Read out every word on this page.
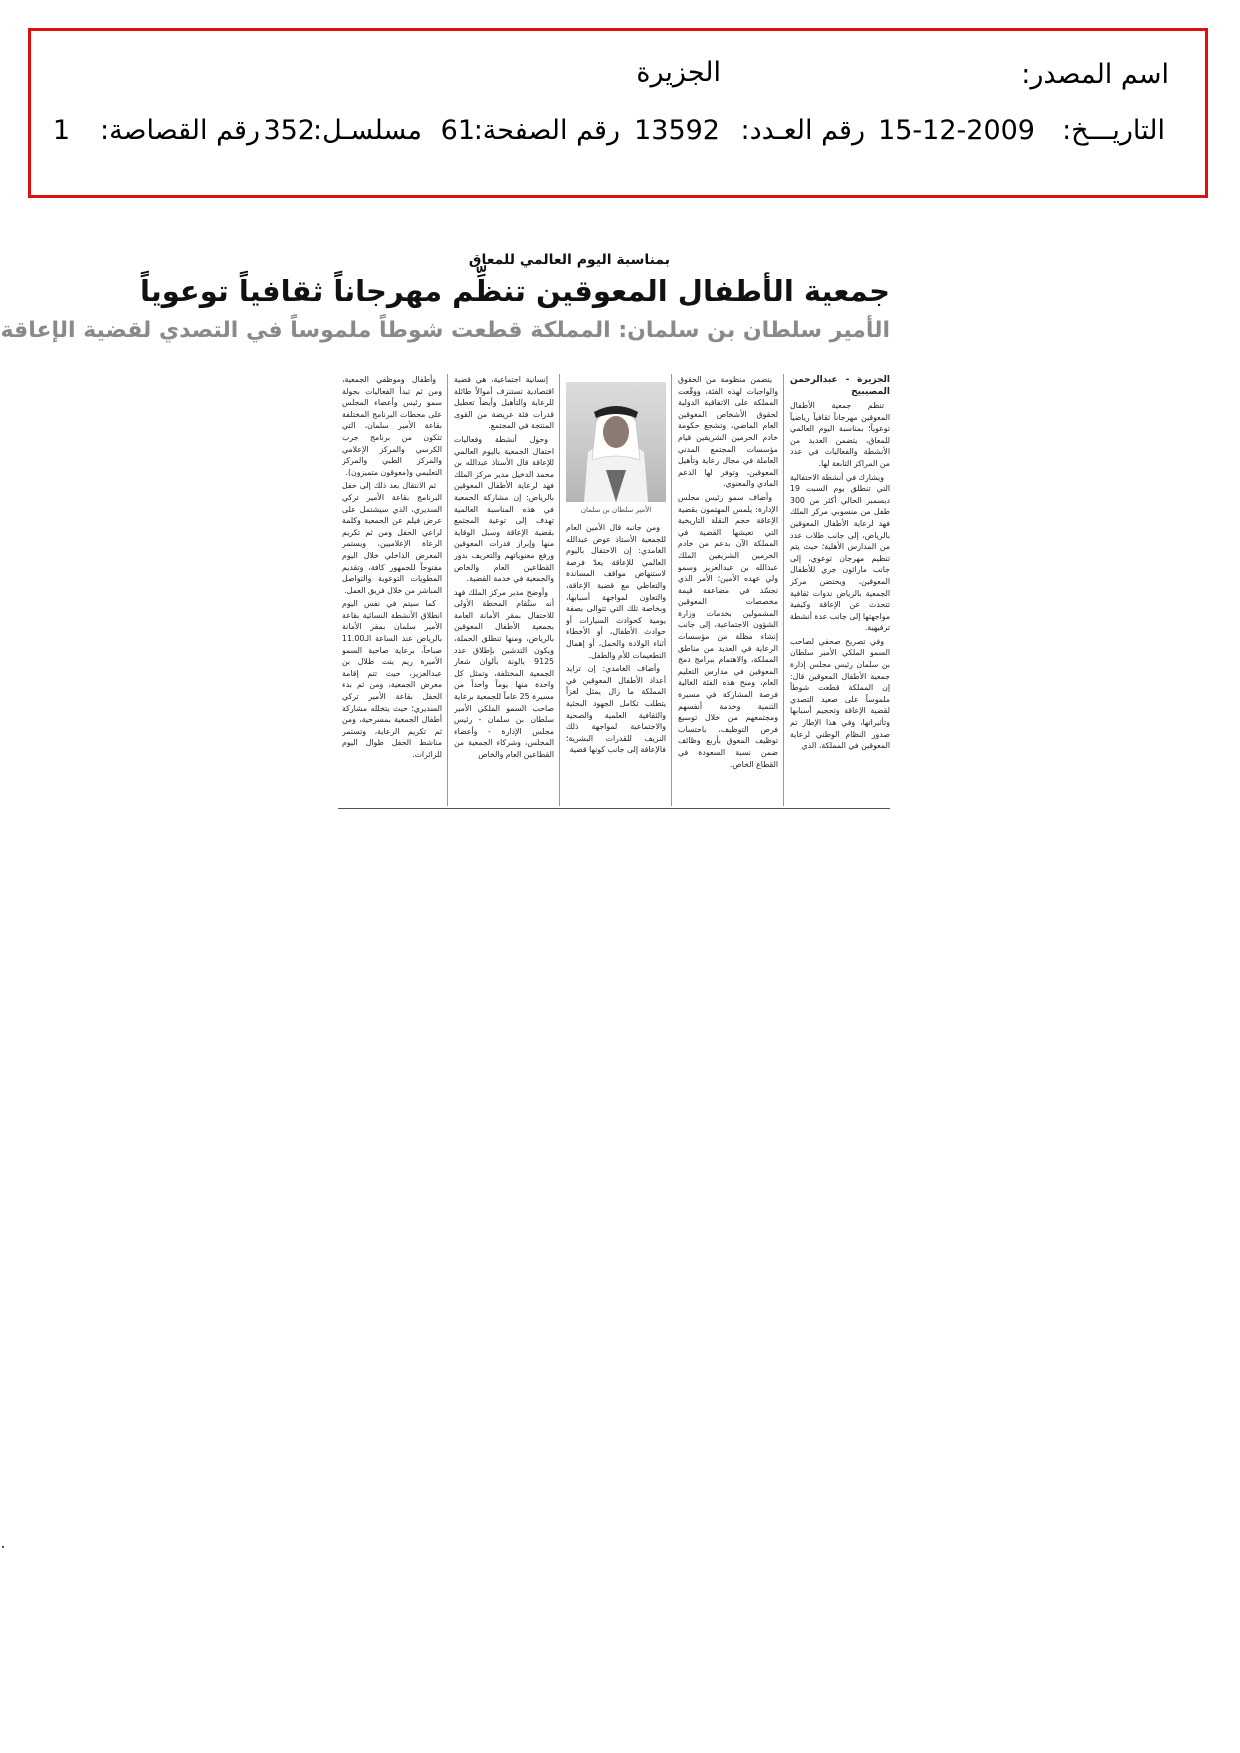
اسم المصدر:
الجزيرة
التاريـــخ:
15-12-2009
رقم العـدد:
13592
رقم الصفحة:
61
مسلسـل:
352
رقم القصاصة:
1
بمناسبة اليوم العالمي للمعاق
جمعية الأطفال المعوقين تنظِّم مهرجاناً ثقافياً توعوياً
الأمير سلطان بن سلمان: المملكة قطعت شوطاً ملموساً في التصدي لقضية الإعاقة

الجزيرة - عبدالرحمن المصيبيح

تنظم جمعية الأطفال المعوقين مهرجاناً ثقافياً رياضياً توعوياً؛ بمناسبة اليوم العالمي للمعاق، يتضمن العديد من الأنشطة والفعاليات في عدد من المراكز التابعة لها.

ويشارك في أنشطة الاحتفالية التي تنطلق يوم السبت 19 ديسمبر الحالي أكثر من 300 طفل من منسوبي مركز الملك فهد لرعاية الأطفال المعوقين بالرياض، إلى جانب طلاب عدد من المدارس الأهلية؛ حيث يتم تنظيم مهرجان توعوي، إلى جانب ماراثون جري للأطفال المعوقين، ويحتضن مركز الجمعية بالرياض ندوات ثقافية تتحدث عن الإعاقة وكيفية مواجهتها إلى جانب عدة أنشطة ترفيهية.

وفي تصريح صحفي لصاحب السمو الملكي الأمير سلطان بن سلمان رئيس مجلس إدارة جمعية الأطفال المعوقين قال: إن المملكة قطعت شوطاً ملموساً على صعيد التصدي لقضية الإعاقة وتحجيم أسبابها وتأثيراتها، وفي هذا الإطار تم صدور النظام الوطني لرعاية المعوقين في المملكة، الذي

يتضمن منظومة من الحقوق والواجبات لهذه الفئة، ووقّعت المملكة على الاتفاقية الدولية لحقوق الأشخاص المعوقين العام الماضي، وتشجع حكومة خادم الحرمين الشريفين قيام مؤسسات المجتمع المدني العاملة في مجال رعاية وتأهيل المعوقين، وتوفر لها الدعم المادي والمعنوي.

وأضاف سمو رئيس مجلس الإدارة: يلمس المهتمون بقضية الإعاقة حجم النقلة التاريخية التي تعيشها القضية في المملكة الآن بدعم من خادم الحرمين الشريفين الملك عبدالله بن عبدالعزيز وسمو ولي عهده الأمين؛ الأمر الذي تجسّد في مضاعفة قيمة مخصصات المعوقين المشمولين بخدمات وزارة الشؤون الاجتماعية، إلى جانب إنشاء مظلة من مؤسسات الرعاية في العديد من مناطق المملكة، والاهتمام ببرامج دمج المعوقين في مدارس التعليم العام، ومنح هذه الفئة الغالية فرصة المشاركة في مسيرة التنمية وخدمة أنفسهم ومجتمعهم من خلال توسيع فرص التوظيف، باحتساب توظيف المعوق بأربع وظائف ضمن نسبة السعودة في القطاع الخاص.

الأمير سلطان بن سلمان

ومن جانبه قال الأمين العام للجمعية الأستاذ عوض عبدالله الغامدي: إن الاحتفال باليوم العالمي للإعاقة يعدّ فرصة لاستنهاض مواقف المساندة والتعاطي مع قضية الإعاقة، والتعاون لمواجهة أسبابها، وبخاصة تلك التي تتوالى بصفة يومية كحوادث السيارات أو حوادث الأطفال، أو الأخطاء أثناء الولادة والحمل، أو إهمال التطعيمات للأم والطفل.

وأضاف الغامدي: إن تزايد أعداد الأطفال المعوقين في المملكة ما زال يمثل لغزاً يتطلب تكامل الجهود البحثية والثقافية العلمية والصحية والاجتماعية لمواجهة ذلك النزيف للقدرات البشرية؛ فالإعاقة إلى جانب كونها قضية

إنسانية اجتماعية، هي قضية اقتصادية تستنزف أموالاً طائلة للرعاية والتأهيل وأيضاً تعطيل قدرات فئة عريضة من القوى المنتجة في المجتمع.

وحول أنشطة وفعاليات احتفال الجمعية باليوم العالمي للإعاقة قال الأستاذ عبدالله بن محمد الدخيل مدير مركز الملك فهد لرعاية الأطفال المعوقين بالرياض: إن مشاركة الجمعية في هذه المناسبة العالمية تهدف إلى توعية المجتمع بقضية الإعاقة وسبل الوقاية منها وإبراز قدرات المعوقين ورفع معنوياتهم والتعريف بدور القطاعين العام والخاص والجمعية في خدمة القضية.

وأوضح مدير مركز الملك فهد أنه ستُقام المحطة الأولى للاحتفال بمقر الأمانة العامة بجمعية الأطفال المعوقين بالرياض، ومنها تنطلق الحملة، ويكون التدشين بإطلاق عدد 9125 بالونة بألوان شعار الجمعية المختلفة، وتمثل كل واحدة منها يوماً واحداً من مسيرة 25 عاماً للجمعية برعاية صاحب السمو الملكي الأمير سلطان بن سلمان - رئيس مجلس الإدارة - وأعضاء المجلس، وشركاء الجمعية من القطاعين العام والخاص

وأطفال وموظفي الجمعية، ومن ثم تبدأ الفعاليات بجولة سمو رئيس وأعضاء المجلس على محطات البرنامج المختلفة بقاعة الأمير سلمان، التي تتكون من برنامج جرب الكرسي والمركز الإعلامي والمركز الطبي والمركز التعليمي و(معوقون متميزون).

ثم الانتقال بعد ذلك إلى حفل البرنامج بقاعة الأمير تركي السديري، الذي سيشتمل على عرض فيلم عن الجمعية وكلمة لراعي الحفل ومن ثم تكريم الرعاة الإعلاميين، ويستمر المعرض الداخلي خلال اليوم مفتوحاً للجمهور كافة، وتقديم المطويات التوعوية والتواصل المباشر من خلال فريق العمل.

كما سيتم في نفس اليوم انطلاق الأنشطة النسائية بقاعة الأمير سلمان بمقر الأمانة بالرياض عند الساعة الـ11.00 صباحاً، برعاية صاحبة السمو الأميرة ريم بنت طلال بن عبدالعزيز، حيث تتم إقامة معرض الجمعية، ومن ثم بدء الحفل بقاعة الأمير تركي السديري؛ حيث يتخلله مشاركة أطفال الجمعية بمسرحية، ومن ثم تكريم الرعاية، وتستمر مناشط الحفل طوال اليوم للزائرات.
